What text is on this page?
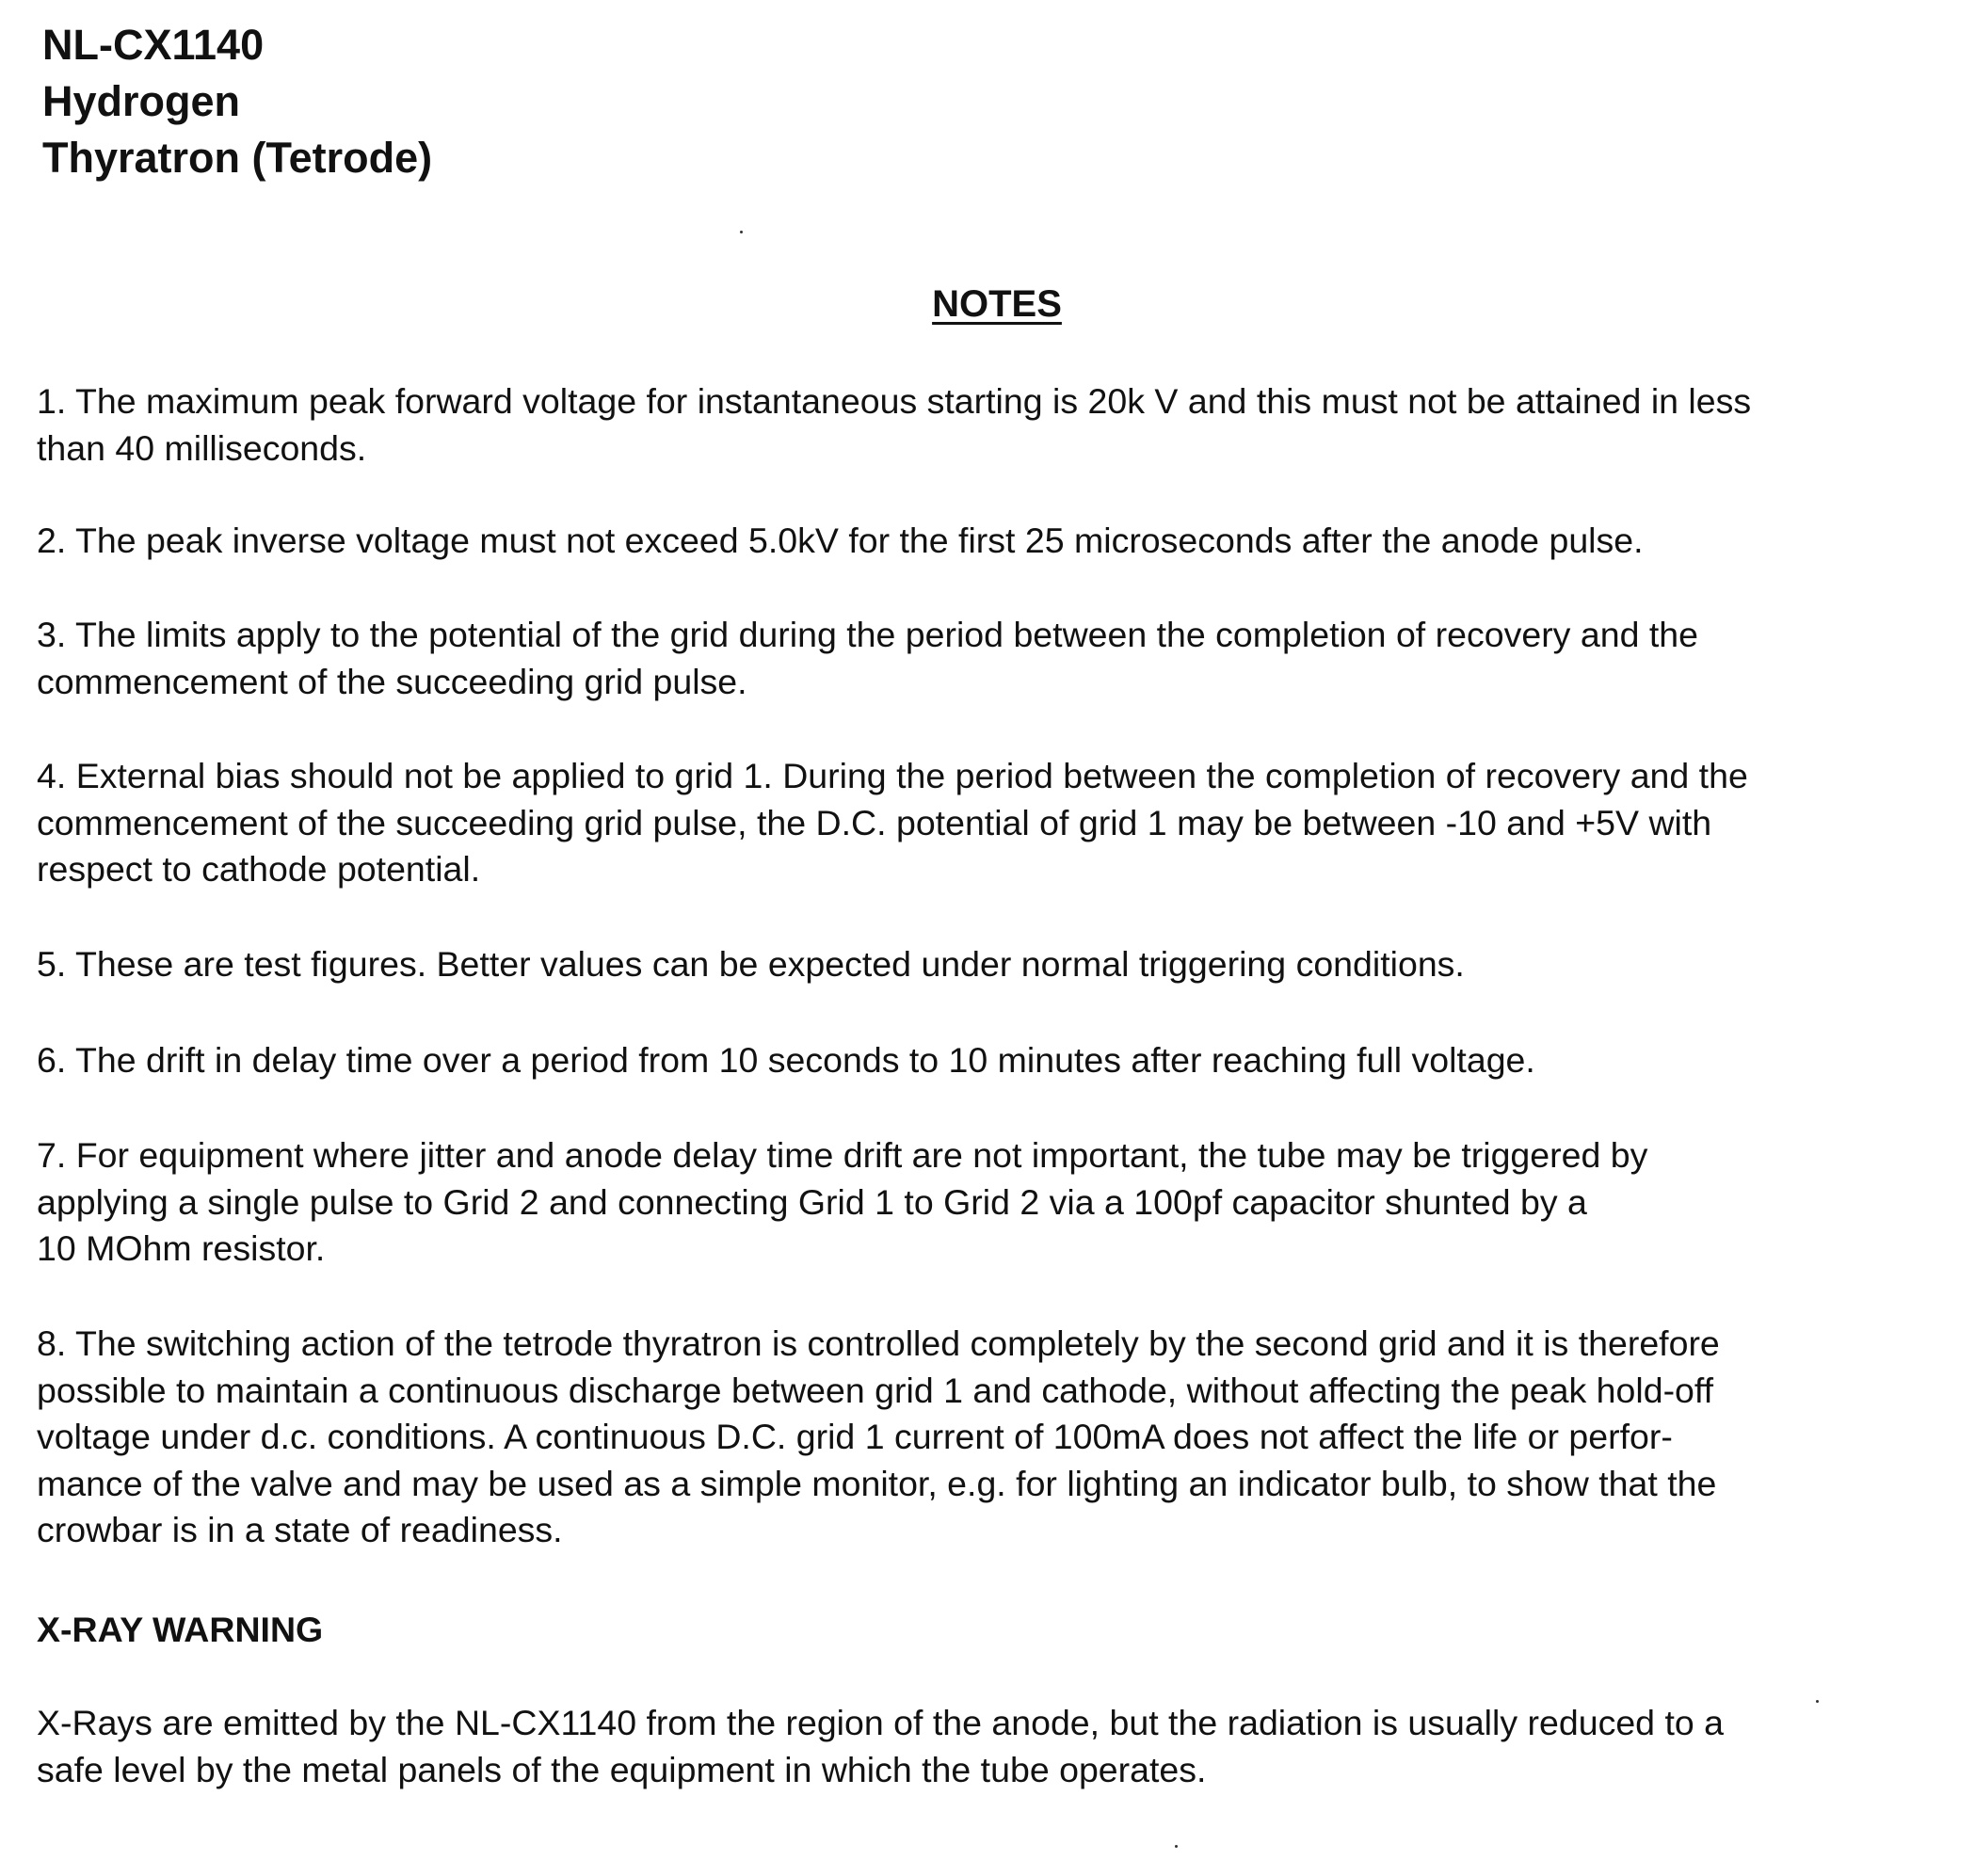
NL-CX1140
Hydrogen
Thyratron (Tetrode)
NOTES
1. The maximum peak forward voltage for instantaneous starting is 20k V and this must not be attained in less
than 40 milliseconds.
2. The peak inverse voltage must not exceed 5.0kV for the first 25 microseconds after the anode pulse.
3. The limits apply to the potential of the grid during the period between the completion of recovery and the
commencement of the succeeding grid pulse.
4. External bias should not be applied to grid 1. During the period between the completion of recovery and the
commencement of the succeeding grid pulse, the D.C. potential of grid 1 may be between -10 and +5V with
respect to cathode potential.
5. These are test figures. Better values can be expected under normal triggering conditions.
6. The drift in delay time over a period from 10 seconds to 10 minutes after reaching full voltage.
7. For equipment where jitter and anode delay time drift are not important, the tube may be triggered by
applying a single pulse to Grid 2 and connecting Grid 1 to Grid 2 via a 100pf capacitor shunted by a
10 MOhm resistor.
8. The switching action of the tetrode thyratron is controlled completely by the second grid and it is therefore
possible to maintain a continuous discharge between grid 1 and cathode, without affecting the peak hold-off
voltage under d.c. conditions. A continuous D.C. grid 1 current of 100mA does not affect the life or perfor-
mance of the valve and may be used as a simple monitor, e.g. for lighting an indicator bulb, to show that the
crowbar is in a state of readiness.
X-RAY WARNING
X-Rays are emitted by the NL-CX1140 from the region of the anode, but the radiation is usually reduced to a
safe level by the metal panels of the equipment in which the tube operates.
